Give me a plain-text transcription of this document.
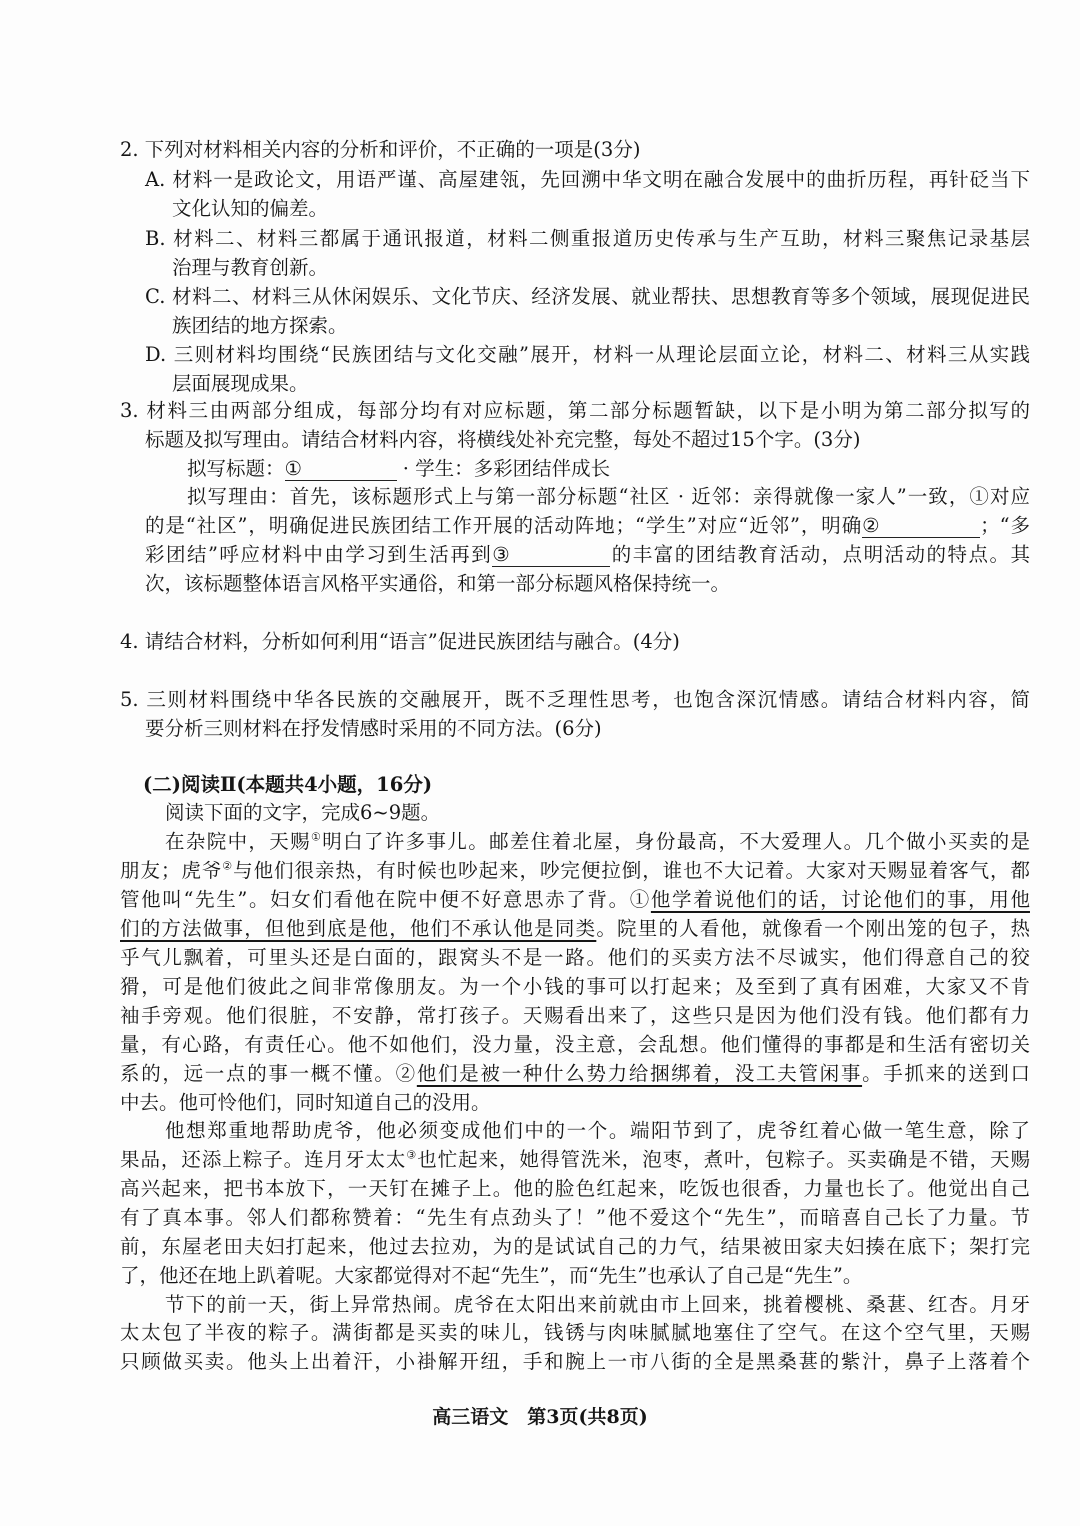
2. 下列对材料相关内容的分析和评价，不正确的一项是(3分)
A. 材料一是政论文，用语严谨、高屋建瓴，先回溯中华文明在融合发展中的曲折历程，再针砭当下
文化认知的偏差。
B. 材料二、材料三都属于通讯报道，材料二侧重报道历史传承与生产互助，材料三聚焦记录基层
治理与教育创新。
C. 材料二、材料三从休闲娱乐、文化节庆、经济发展、就业帮扶、思想教育等多个领域，展现促进民
族团结的地方探索。
D. 三则材料均围绕“民族团结与文化交融”展开，材料一从理论层面立论，材料二、材料三从实践
层面展现成果。
3. 材料三由两部分组成，每部分均有对应标题，第二部分标题暂缺，以下是小明为第二部分拟写的
标题及拟写理由。请结合材料内容，将横线处补充完整，每处不超过15个字。(3分)
拟写标题：①	· 学生：多彩团结伴成长
拟写理由：首先，该标题形式上与第一部分标题“社区 · 近邻：亲得就像一家人”一致，①对应
的是“社区”，明确促进民族团结工作开展的活动阵地；“学生”对应“近邻”，明确②	；“多
彩团结”呼应材料中由学习到生活再到③	的丰富的团结教育活动，点明活动的特点。其
次，该标题整体语言风格平实通俗，和第一部分标题风格保持统一。
4. 请结合材料，分析如何利用“语言”促进民族团结与融合。(4分)
5. 三则材料围绕中华各民族的交融展开，既不乏理性思考，也饱含深沉情感。请结合材料内容，简
要分析三则材料在抒发情感时采用的不同方法。(6分)
(二)阅读Ⅱ(本题共4小题，16分)
阅读下面的文字，完成6~9题。
在杂院中，天赐①明白了许多事儿。邮差住着北屋，身份最高，不大爱理人。几个做小买卖的是
朋友；虎爷②与他们很亲热，有时候也吵起来，吵完便拉倒，谁也不大记着。大家对天赐显着客气，都
管他叫“先生”。妇女们看他在院中便不好意思赤了背。①他学着说他们的话，讨论他们的事，用他
们的方法做事，但他到底是他，他们不承认他是同类。院里的人看他，就像看一个刚出笼的包子，热
乎气儿飘着，可里头还是白面的，跟窝头不是一路。他们的买卖方法不尽诚实，他们得意自己的狡
猾，可是他们彼此之间非常像朋友。为一个小钱的事可以打起来；及至到了真有困难，大家又不肯
袖手旁观。他们很脏，不安静，常打孩子。天赐看出来了，这些只是因为他们没有钱。他们都有力
量，有心路，有责任心。他不如他们，没力量，没主意，会乱想。他们懂得的事都是和生活有密切关
系的，远一点的事一概不懂。②他们是被一种什么势力给捆绑着，没工夫管闲事。手抓来的送到口
中去。他可怜他们，同时知道自己的没用。
他想郑重地帮助虎爷，他必须变成他们中的一个。端阳节到了，虎爷红着心做一笔生意，除了
果品，还添上粽子。连月牙太太③也忙起来，她得管洗米，泡枣，煮叶，包粽子。买卖确是不错，天赐
高兴起来，把书本放下，一天钉在摊子上。他的脸色红起来，吃饭也很香，力量也长了。他觉出自己
有了真本事。邻人们都称赞着：“先生有点劲头了！”他不爱这个“先生”，而暗喜自己长了力量。节
前，东屋老田夫妇打起来，他过去拉劝，为的是试试自己的力气，结果被田家夫妇揍在底下；架打完
了，他还在地上趴着呢。大家都觉得对不起“先生”，而“先生”也承认了自己是“先生”。
节下的前一天，街上异常热闹。虎爷在太阳出来前就由市上回来，挑着樱桃、桑葚、红杏。月牙
太太包了半夜的粽子。满街都是买卖的味儿，钱锈与肉味腻腻地塞住了空气。在这个空气里，天赐
只顾做买卖。他头上出着汗，小褂解开纽，手和腕上一市八街的全是黑桑葚的紫汁，鼻子上落着个
高三语文　第3页(共8页)
